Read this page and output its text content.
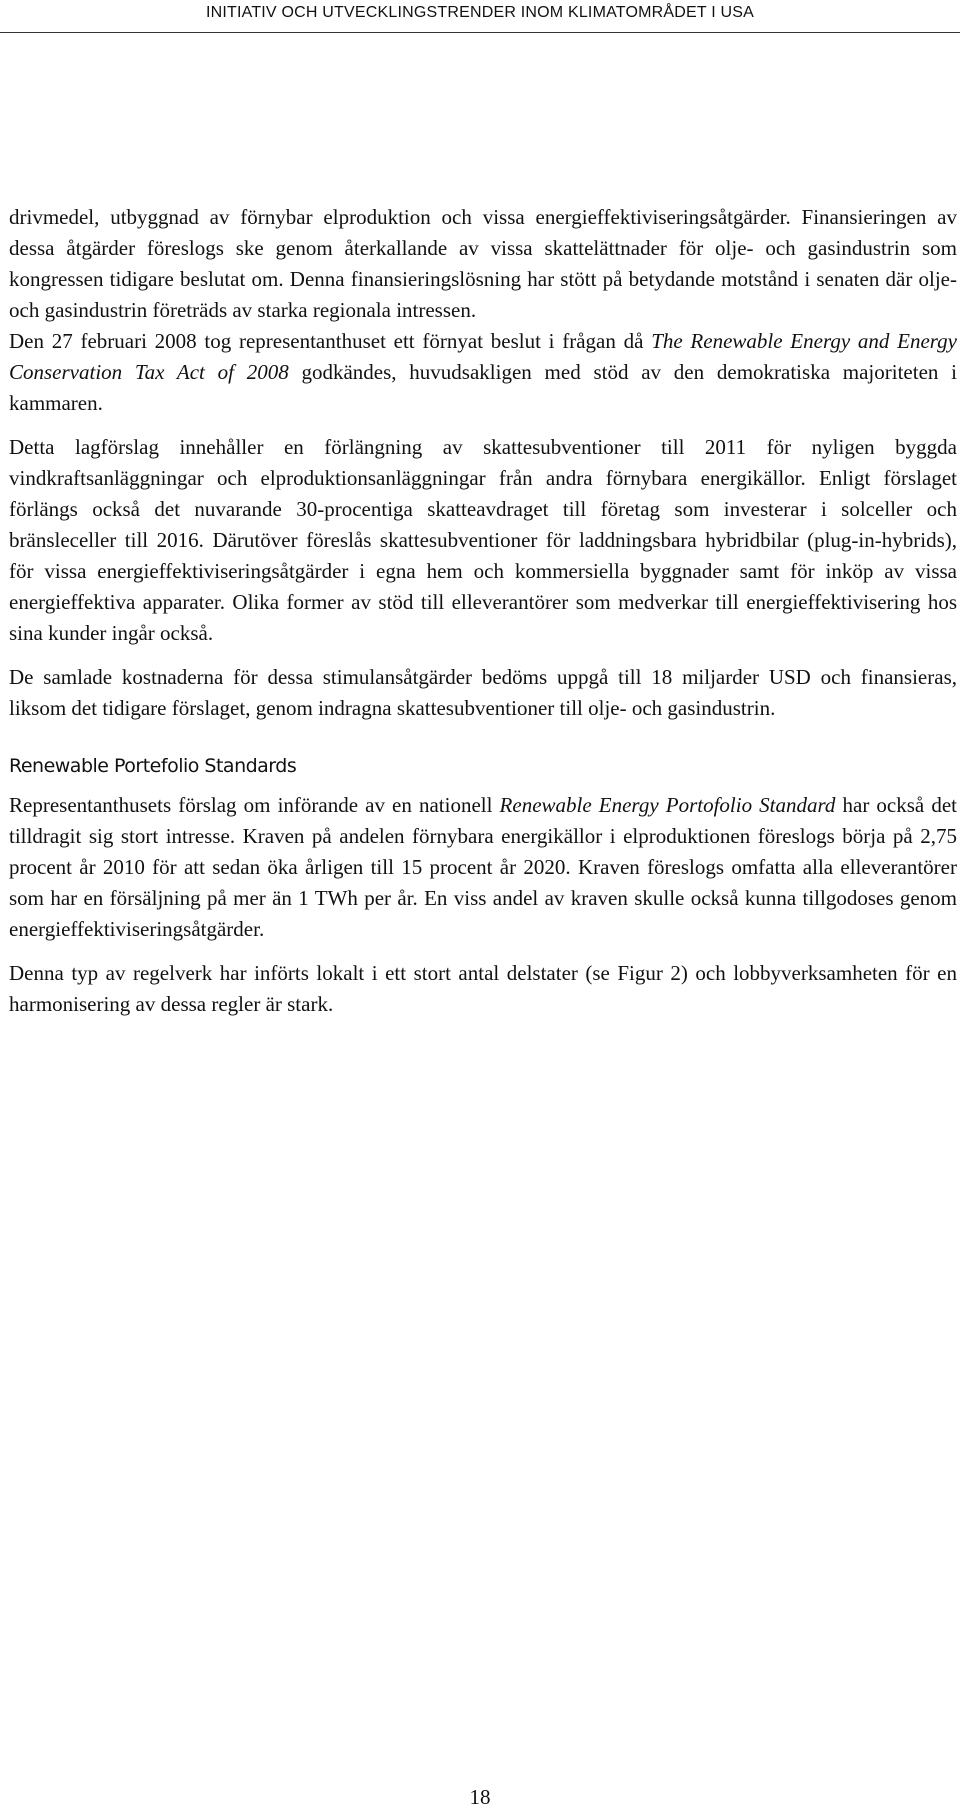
INITIATIV OCH UTVECKLINGSTRENDER INOM KLIMATOMRÅDET I USA

drivmedel, utbyggnad av förnybar elproduktion och vissa energieffektiviseringsåtgärder. Finansieringen av dessa åtgärder föreslogs ske genom återkallande av vissa skattelättnader för olje- och gasindustrin som kongressen tidigare beslutat om. Denna finansieringslösning har stött på betydande motstånd i senaten där olje- och gasindustrin företräds av starka regionala intressen.

Den 27 februari 2008 tog representanthuset ett förnyat beslut i frågan då The Renewable Energy and Energy Conservation Tax Act of 2008 godkändes, huvudsakligen med stöd av den demokratiska majoriteten i kammaren.

Detta lagförslag innehåller en förlängning av skattesubventioner till 2011 för nyligen byggda vindkraftsanläggningar och elproduktionsanläggningar från andra förnybara energikällor. Enligt förslaget förlängs också det nuvarande 30-procentiga skatteavdraget till företag som investerar i solceller och bränsleceller till 2016. Därutöver föreslås skattesubventioner för laddningsbara hybridbilar (plug-in-hybrids), för vissa energieffektiviseringsåtgärder i egna hem och kommersiella byggnader samt för inköp av vissa energieffektiva apparater. Olika former av stöd till elleverantörer som medverkar till energieffektivisering hos sina kunder ingår också.

De samlade kostnaderna för dessa stimulansåtgärder bedöms uppgå till 18 miljarder USD och finansieras, liksom det tidigare förslaget, genom indragna skattesubventioner till olje- och gasindustrin.

Renewable Portefolio Standards

Representanthusets förslag om införande av en nationell Renewable Energy Portofolio Standard har också det tilldragit sig stort intresse. Kraven på andelen förnybara energikällor i elproduktionen föreslogs börja på 2,75 procent år 2010 för att sedan öka årligen till 15 procent år 2020. Kraven föreslogs omfatta alla elleverantörer som har en försäljning på mer än 1 TWh per år. En viss andel av kraven skulle också kunna tillgodoses genom energieffektiviseringsåtgärder.

Denna typ av regelverk har införts lokalt i ett stort antal delstater (se Figur 2) och lobbyverksamheten för en harmonisering av dessa regler är stark.

18
